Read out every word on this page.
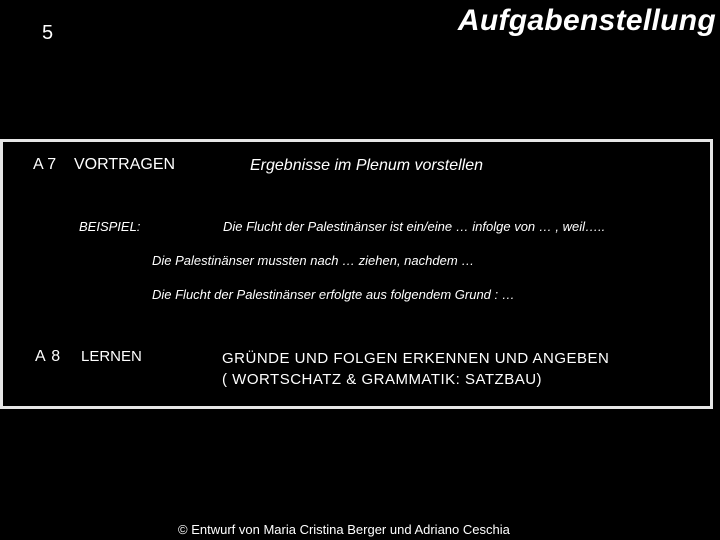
5	Aufgabenstellung
A 7 VORTRAGEN	Ergebnisse im Plenum vorstellen
BEISPIEL:	Die Flucht der Palestinänser ist ein/eine … infolge von … , weil…..
Die Palestinänser mussten nach … ziehen, nachdem …
Die Flucht der Palestinänser erfolgte aus folgendem Grund : …
A 8 LERNEN	GRÜNDE UND FOLGEN ERKENNEN UND ANGEBEN
( WORTSCHATZ & GRAMMATIK: SATZBAU)
© Entwurf von Maria Cristina Berger und Adriano Ceschia
